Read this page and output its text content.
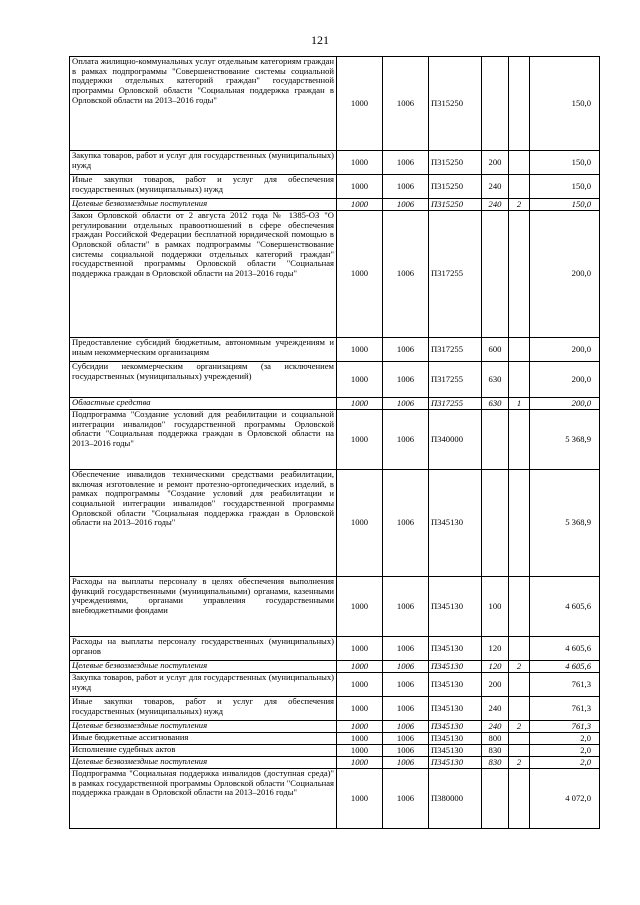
121
Оплата жилищно-коммунальных услуг отдельным категориям граждан в рамках подпрограммы "Совершенствование системы социальной поддержки отдельных категорий граждан" государственной программы Орловской области "Социальная поддержка граждан в Орловской области на 2013–2016 годы"	1000	1006	П315250			150,0
Закупка товаров, работ и услуг для государственных (муниципальных) нужд	1000	1006	П315250	200		150,0
Иные закупки товаров, работ и услуг для обеспечения государственных (муниципальных) нужд	1000	1006	П315250	240		150,0
Целевые безвозмездные поступления	1000	1006	П315250	240	2	150,0
Закон Орловской области от 2 августа 2012 года № 1385-ОЗ "О регулировании отдельных правоотношений в сфере обеспечения граждан Российской Федерации бесплатной юридической помощью в Орловской области" в рамках подпрограммы "Совершенствование системы социальной поддержки отдельных категорий граждан" государственной программы Орловской области "Социальная поддержка граждан в Орловской области на 2013–2016 годы"	1000	1006	П317255			200,0
Предоставление субсидий бюджетным, автономным учреждениям и иным некоммерческим организациям	1000	1006	П317255	600		200,0
Субсидии некоммерческим организациям (за исключением государственных (муниципальных) учреждений)	1000	1006	П317255	630		200,0
Областные средства	1000	1006	П317255	630	1	200,0
Подпрограмма "Создание условий для реабилитации и социальной интеграции инвалидов" государственной программы Орловской области "Социальная поддержка граждан в Орловской области на 2013–2016 годы"	1000	1006	П340000			5 368,9
Обеспечение инвалидов техническими средствами реабилитации, включая изготовление и ремонт протезно-ортопедических изделий, в рамках подпрограммы "Создание условий для реабилитации и социальной интеграции инвалидов" государственной программы Орловской области "Социальная поддержка граждан в Орловской области на 2013–2016 годы"	1000	1006	П345130			5 368,9
Расходы на выплаты персоналу в целях обеспечения выполнения функций государственными (муниципальными) органами, казенными учреждениями, органами управления государственными внебюджетными фондами	1000	1006	П345130	100		4 605,6
Расходы на выплаты персоналу государственных (муниципальных) органов	1000	1006	П345130	120		4 605,6
Целевые безвозмездные поступления	1000	1006	П345130	120	2	4 605,6
Закупка товаров, работ и услуг для государственных (муниципальных) нужд	1000	1006	П345130	200		761,3
Иные закупки товаров, работ и услуг для обеспечения государственных (муниципальных) нужд	1000	1006	П345130	240		761,3
Целевые безвозмездные поступления	1000	1006	П345130	240	2	761,3
Иные бюджетные ассигнования	1000	1006	П345130	800		2,0
Исполнение судебных актов	1000	1006	П345130	830		2,0
Целевые безвозмездные поступления	1000	1006	П345130	830	2	2,0
Подпрограмма "Социальная поддержка инвалидов (доступная среда)" в рамках государственной программы Орловской области "Социальная поддержка граждан в Орловской области на 2013–2016 годы"	1000	1006	П380000			4 072,0
